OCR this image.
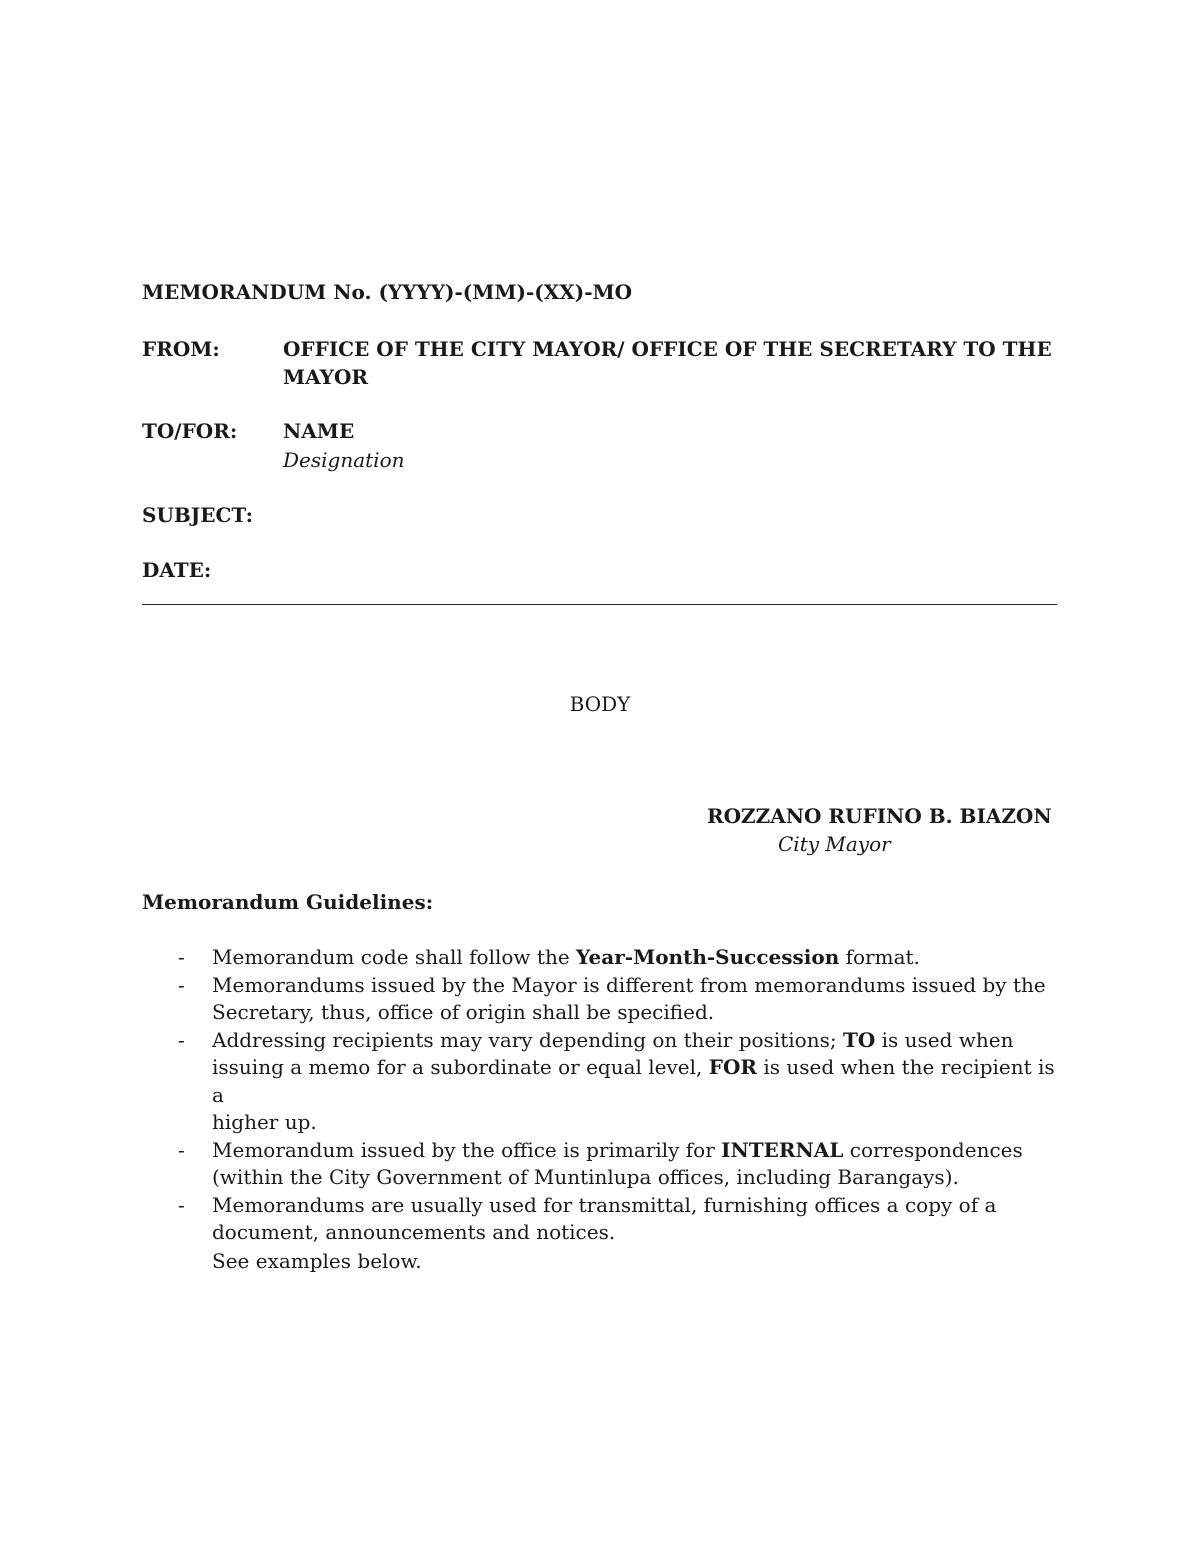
MEMORANDUM No. (YYYY)-(MM)-(XX)-MO
FROM:	OFFICE OF THE CITY MAYOR/ OFFICE OF THE SECRETARY TO THE
MAYOR
TO/FOR: NAME
Designation
SUBJECT:
DATE:
BODY
ROZZANO RUFINO B. BIAZON
City Mayor
Memorandum Guidelines:
- Memorandum code shall follow the Year-Month-Succession format.
- Memorandums issued by the Mayor is different from memorandums issued by the
Secretary, thus, office of origin shall be specified.
- Addressing recipients may vary depending on their positions; TO is used when
issuing a memo for a subordinate or equal level, FOR is used when the recipient is a
higher up.
- Memorandum issued by the office is primarily for INTERNAL correspondences
(within the City Government of Muntinlupa offices, including Barangays).
- Memorandums are usually used for transmittal, furnishing offices a copy of a
document, announcements and notices.
See examples below.
